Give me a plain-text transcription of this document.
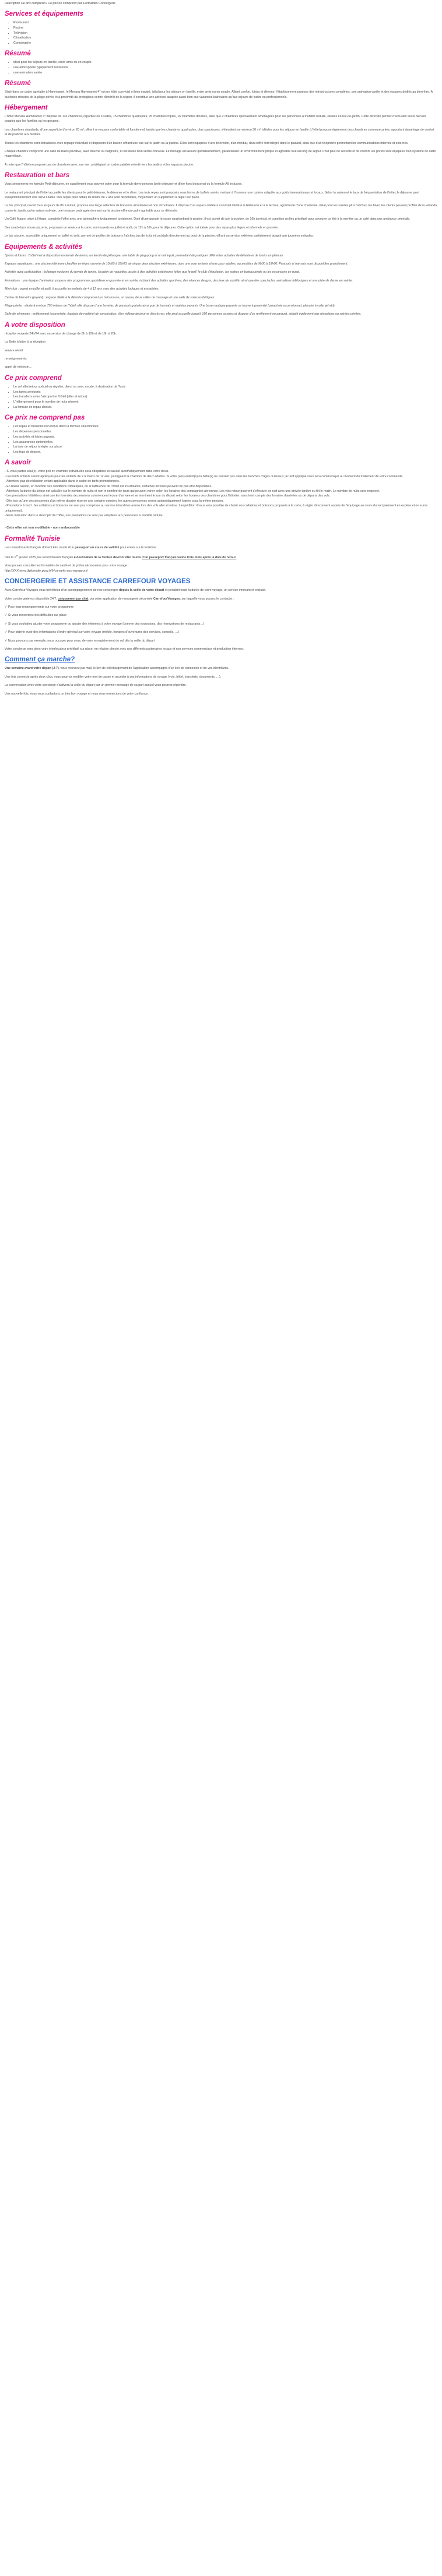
Description Ce prix comprend / Ce prix ne comprend pas Formalités Concergerie
Services et équipements
• Restaurant
• Piscine
• Télévision
• Climatisation
• Conciergerie
Résumé
• idéal pour les séjours en famille, entre amis ou en couple
• une atmosphère typiquement tunisienne
• une animation variée
Résumé

Situé dans un cadre agréable à Hammamet, le Menara Hammamet 4* est un hôtel convivial et bien équipé, idéal pour les séjours en famille, entre amis ou en couple. Alliant confort, loisirs et détente, l'établissement propose des infrastructures complètes, une animation variée et des espaces dédiés au bien-être. À quelques minutes de la plage privée et à proximité du prestigieux centre d'intérêt de la région, il constitue une adresse adaptée aussi bien aux vacances balnéaires qu'aux séjours de loisirs ou professionnels.

Hébergement

L'hôtel Menara Hammamet 4* dispose de 131 chambres, réparties en 3 suites, 15 chambres quadruples, 95 chambres triples, 16 chambres doubles, ainsi que 2 chambres spécialement aménagées pour les personnes à mobilité réduite, situées en rez-de-jardin. Cette diversité permet d'accueillir aussi bien les couples que les familles ou les groupes.

Les chambres standards, d'une superficie d'environ 20 m², offrent un espace confortable et fonctionnel, tandis que les chambres quadruples, plus spacieuses, s'étendent sur environ 30 m², idéales pour les séjours en famille. L'hôtel propose également des chambres communicantes, apportant davantage de confort et de praticité aux familles.

Toutes les chambres sont climatisées avec réglage individuel et disposent d'un balcon offrant une vue sur le jardin ou la piscine. Elles sont équipées d'une télévision, d'un minibar, d'un coffre-fort intégré dans le placard, ainsi que d'un téléphone permettant les communications internes et externes.

Chaque chambre comprend une salle de bains privative, avec douche ou baignoire, et est dotée d'un sèche-cheveux. Le ménage est assuré quotidiennement, garantissant un environnement propre et agréable tout au long du séjour. Pour plus de sécurité et de confort, les portes sont équipées d'un système de carte magnétique.

À noter que l'hôtel ne propose pas de chambres avec vue mer, privilégiant un cadre paisible orienté vers les jardins et les espaces piscine.

Restauration et bars

Vous séjournerez en formule Petit-déjeuner, en supplément vous pouvez opter pour la formule demi-pension (petit-déjeuner et dîner hors boissons) ou la formule All Inclusive.

Le restaurant principal de l'hôtel accueille les clients pour le petit déjeuner, le déjeuner et le dîner. Les trois repas sont proposés sous forme de buffets variés, mettant à l'honneur une cuisine adaptée aux goûts internationaux et locaux. Selon la saison et le taux de fréquentation de l'hôtel, le déjeuner peut exceptionnellement être servi à table. Des repas pour bébés de moins de 2 ans sont disponibles, moyennant un supplément à régler sur place.

Le bar principal, ouvert tous les jours de 8h à minuit, propose une large sélection de boissons alcoolisées et non alcoolisées. Il dispose d'un espace intérieur convivial dédié à la télévision et à la lecture, agrémenté d'une cheminée, idéal pour les soirées plus fraîches. En hiver, les clients peuvent profiter de la véranda couverte, tandis qu'en saison estivale, une terrasse ombragée donnant sur la piscine offre un cadre agréable pour se détendre.

Un Café Maure, situé à l'étage, complète l'offre avec une atmosphère typiquement tunisienne. Doté d'une grande terrasse surplombant la piscine, il est ouvert de juin à octobre, de 16h à minuit, et constitue un lieu privilégié pour savourer un thé à la menthe ou un café dans une ambiance orientale.

Des snack-bars et une pizzeria, proposant un service à la carte, sont ouverts en juillet et août, de 12h à 16h, pour le déjeuner. Cette option est idéale pour des repas plus légers et informels en journée.

Le bar piscine, accessible uniquement en juillet et août, permet de profiter de boissons fraîches, jus de fruits et cocktails directement au bord de la piscine, offrant un service extérieur parfaitement adapté aux journées estivales.

Equipements & activités

Sports et loisirs : l'hôtel met à disposition un terrain de tennis, un terrain de pétanque, une table de ping-pong et un mini-golf, permettant de pratiquer différentes activités de détente et de loisirs en plein air.

Espaces aquatiques : une piscine intérieure chauffée en hiver, ouverte de 10h00 à 18h00, ainsi que deux piscines extérieures, dont une pour enfants et une pour adultes, accessibles de 9h00 à 19h00. Parasols et transats sont disponibles gratuitement.

Activités avec participation : éclairage nocturne du terrain de tennis, location de raquettes, accès à des activités extérieures telles que le golf, le club d'équitation, les sorties en bateau pirate ou les excursions en quad.

Animations : une équipe d'animation propose des programmes quotidiens en journée et en soirée, incluant des activités sportives, des séances de gym, des jeux de société, ainsi que des spectacles, animations folkloriques et une piste de danse en soirée.

Mini-club : ouvert en juillet et août, il accueille les enfants de 4 à 12 ans avec des activités ludiques et encadrées.

Centre de bien-être (payant) : espace dédié à la détente comprenant un bain maure, un sauna, deux salles de massage et une salle de soins esthétiques.

Plage privée : située à environ 750 mètres de l'hôtel, elle dispose d'une buvette, de parasols gratuits ainsi que de transats et matelas payants. Une base nautique payante se trouve à proximité (parachute ascensionnel, planche à voile, jet-ski).

Salle de séminaire : entièrement insonorisée, équipée de matériel de sonorisation, d'un vidéoprojecteur et d'un écran, elle peut accueillir jusqu'à 180 personnes assises et dispose d'un revêtement en parquet, adapté également aux réceptions ou soirées privées.

A votre disposition

réception ouverte 24h/24 avec un service de change de 8h à 12h et de 16h à 20h.

La Boite à lettre à la réception

service réveil

renseignements

appel de médecin…

Ce prix comprend
• Le vol aller/retour spécial ou régulier, direct ou avec escale, à destination de Tunis
• Les taxes aéroports
• Les transferts entre l'aéroport et l'hôtel (aller et retour).
• L'hébergement pour le nombre de nuits réservé.
• La formule de repas choisie.
Ce prix ne comprend pas
• Les repas et boissons non inclus dans la formule sélectionnée.
• Les dépenses personnelles.
• Les activités et loisirs payants.
• Les assurances optionnelles.
• La taxe de séjour à régler sur place.
• Les frais de dossier.
A savoir
- Si vous partez seul(e), votre prix en chambre individuelle sera obligatoire et calculé automatiquement dans votre devis.
- Les tarifs enfants seront appliqués pour les enfants de 2 à moins de 12 ans, partageant la chambre de deux adultes. Si votre (vos) enfant(s) ou bébé(s) ne rentrent pas dans les tranches d'âges ci-dessus, le tarif appliqué vous sera communiqué au moment du traitement de votre commande.
- Attention, pas de réduction enfant applicable dans le cadre de tarifs promotionnels.
- En basse saison, en fonction des conditions climatiques, ou si l'affluence de l'hôtel est insuffisante, certaines activités peuvent ne pas être disponibles.
- Attention, la durée du séjour est calculée sur le nombre de nuits et non le nombre de jours qui peuvent varier selon les horaires des compagnies aériennes. Les vols retour pourront s'effectuer de nuit avec une arrivée tardive ou tôt le matin. Le nombre de nuits sera respecté.
- Les prestations hôtelières ainsi que les formules de pensions commencent le jour d'arrivée et se terminent le jour du départ selon les horaires des chambres pour l'hôtelier, sans tenir compte des horaires d'arrivées ou de départs des vols.
- Dès lors qu'une des personnes d'un même dossier réserve une certaine pension, les autres personnes seront automatiquement logées sous la même pension.
- Prestations à bord : les collations et boissons ne sont pas comprises au service à bord des avions lors des vols aller et retour. L'expédition il vous sera possible de choisir vos collations et boissons proposés à la carte, à régler directement auprès de l'équipage au cours du vol (paiement en espèce et en euros uniquement).
-Seuls indication dans le descriptif de l'offre, nos prestations ne sont pas adaptées aux personnes à mobilité réduite.

- Cette offre est non modifiable - non remboursable

Formalité Tunisie

Les ressortissants français doivent être munis d'un passeport en cours de validité pour entrer sur le territoire.

Dès le 1er janvier 2025, les ressortissants français à destination de la Tunisie devront être munis d'un passeport français valide trois mois après la date de retour.

Vous pouvez consulter les formalités de santé et de police nécessaires pour votre voyage :
http://XXX.www.diplomatie.gouv.fr/fr/conseils-aux-voyageurs/

CONCIERGERIE ET ASSISTANCE CARREFOUR VOYAGES

Avec Carrefour Voyages vous bénéficiez d'un accompagnement de nos concierges depuis la veille de votre départ et pendant toute la durée de votre voyage, un service innovant et exclusif.

Votre conciergerie est disponible 24/7, uniquement par chat, via votre application de messagerie sécurisée CarrefourVoyages, sur laquelle vous pouvez le contacter :

✓ Pour tous renseignements sur votre programme

✓ Si vous rencontrez des difficultés sur place

✓ Si vous souhaitez ajuster votre programme ou ajouter des éléments à votre voyage (comme des excursions, des réservations de restaurants…)

✓ Pour obtenir avoir des informations d'ordre général sur votre voyage (météo, horaires d'ouvertures des services, conseils, …)

✓ Nous pouvons par exemple, nous occuper pour vous, de votre enregistrement de vol dès la veille du départ

Votre concierge sera alors votre interlocuteur privilégié sur place, en relation directe avec nos différents partenaires locaux et nos services commerciaux et production internes.

Comment ça marche?

Une semaine avant votre départ (J-7), vous recevrez par mail, le lien de téléchargement de l'application accompagné d'un lien de connexion et de vos identifiants.

Une fois connecté après deux clics, vous pourrez modifier votre mot de passe et accéder à vos informations de voyage (vols, hôtel, transferts, documents, …).

La conversation avec votre concierge s'activera la veille du départ par un premier message de sa part auquel vous pourrez répondre.

Une nouvelle fois, nous vous souhaitons un très bon voyage et nous vous remercions de votre confiance.
